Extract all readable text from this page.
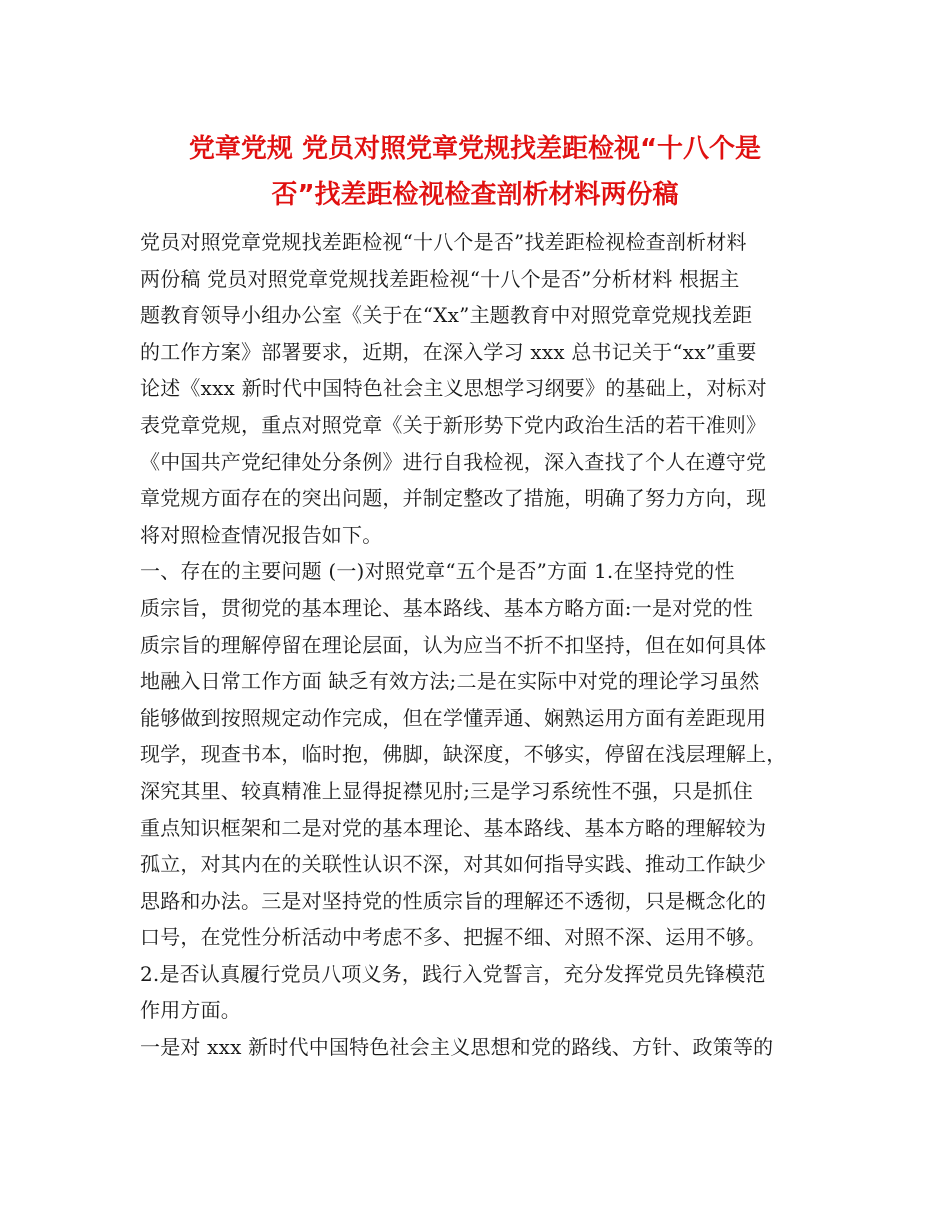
党章党规 党员对照党章党规找差距检视“十八个是
否”找差距检视检查剖析材料两份稿
党员对照党章党规找差距检视“十八个是否”找差距检视检查剖析材料
两份稿 党员对照党章党规找差距检视“十八个是否”分析材料 根据主
题教育领导小组办公室《关于在“Xx”主题教育中对照党章党规找差距
的工作方案》部署要求，近期，在深入学习 xxx 总书记关于“xx”重要
论述《xxx 新时代中国特色社会主义思想学习纲要》的基础上，对标对
表党章党规，重点对照党章《关于新形势下党内政治生活的若干准则》
《中国共产党纪律处分条例》进行自我检视，深入查找了个人在遵守党
章党规方面存在的突出问题，并制定整改了措施，明确了努力方向，现
将对照检查情况报告如下。
一、存在的主要问题 (一)对照党章“五个是否”方面 1.在坚持党的性
质宗旨，贯彻党的基本理论、基本路线、基本方略方面:一是对党的性
质宗旨的理解停留在理论层面，认为应当不折不扣坚持，但在如何具体
地融入日常工作方面 缺乏有效方法;二是在实际中对党的理论学习虽然
能够做到按照规定动作完成，但在学懂弄通、娴熟运用方面有差距现用
现学，现查书本，临时抱，佛脚，缺深度，不够实，停留在浅层理解上，
深究其里、较真精准上显得捉襟见肘;三是学习系统性不强，只是抓住
重点知识框架和二是对党的基本理论、基本路线、基本方略的理解较为
孤立，对其内在的关联性认识不深，对其如何指导实践、推动工作缺少
思路和办法。三是对坚持党的性质宗旨的理解还不透彻，只是概念化的
口号，在党性分析活动中考虑不多、把握不细、对照不深、运用不够。
2.是否认真履行党员八项义务，践行入党誓言，充分发挥党员先锋模范
作用方面。
一是对 xxx 新时代中国特色社会主义思想和党的路线、方针、政策等的
